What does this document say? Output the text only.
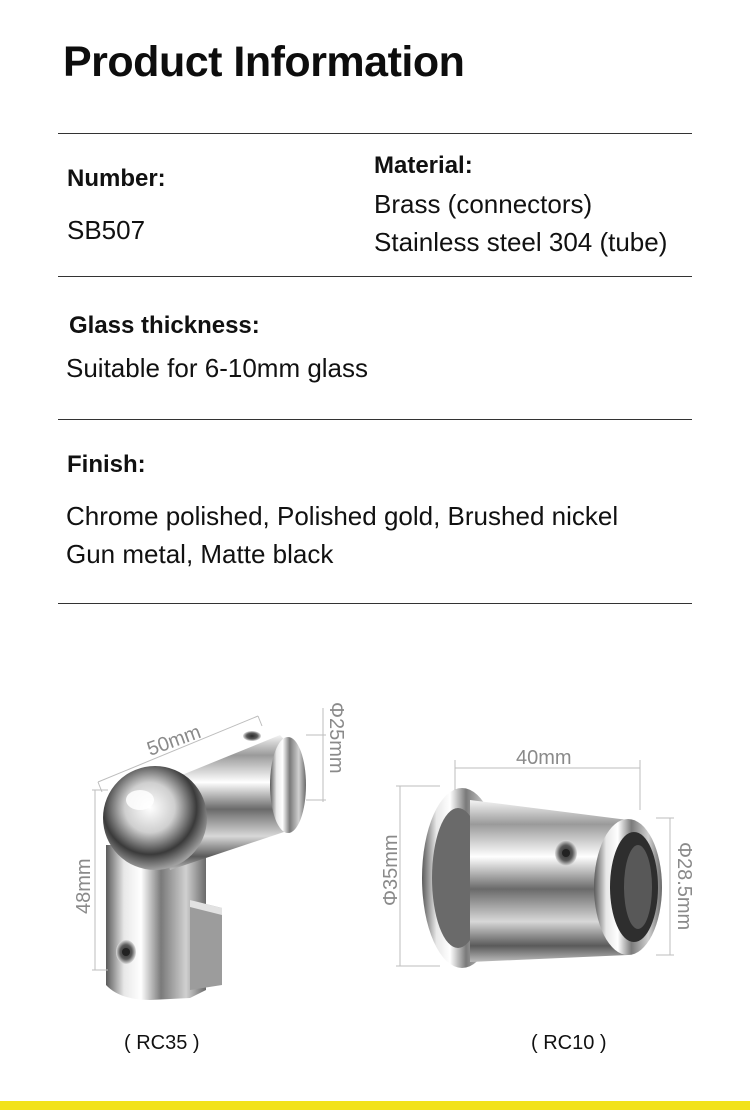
Product Information
Number:
SB507
Material:
Brass (connectors)
Stainless steel 304 (tube)
Glass thickness:
Suitable for 6-10mm glass
Finish:
Chrome polished, Polished gold, Brushed nickel
Gun metal, Matte black
50mm	Φ25mm
48mm
40mm
Φ35mm	Φ28.5mm
( RC35 )	( RC10 )
